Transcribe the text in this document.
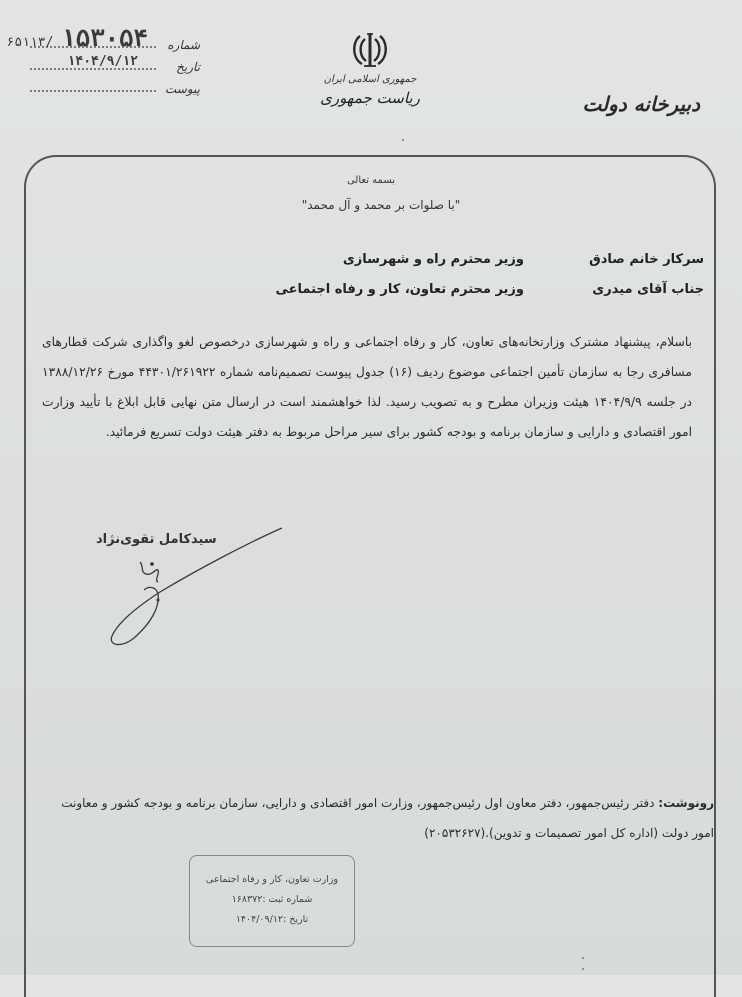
شماره
۶۵۱۱۳/ ۱۵۳۰۵۴
تاریخ
۱۴۰۴/۹/۱۲
پیوست
جمهوری اسلامی ایران
ریاست جمهوری	دبیرخانه دولت
بسمه تعالی
"با صلوات بر محمد و آل محمد"
سرکار خانم صادق
وزیر محترم راه و شهرسازی
جناب آقای میدری
وزیر محترم تعاون، کار و رفاه اجتماعی
باسلام، پیشنهاد مشترک وزارتخانه‌های تعاون، کار و رفاه اجتماعی و راه و شهرسازی درخصوص لغو واگذاری شرکت قطارهای مسافری رجا به سازمان تأمین اجتماعی موضوع ردیف (۱۶) جدول پیوست تصمیم‌نامه شماره ۴۴۳۰۱/۲۶۱۹۲۲ مورخ ۱۳۸۸/۱۲/۲۶ در جلسه ۱۴۰۴/۹/۹ هیئت وزیران مطرح و به تصویب رسید. لذا خواهشمند است در ارسال متن نهایی قابل ابلاغ با تأیید وزارت امور اقتصادی و دارایی و سازمان برنامه و بودجه کشور برای سیر مراحل مربوط به دفتر هیئت دولت تسریع فرمائید.
سیدکامل تقوی‌نژاد
رونوشت: دفتر رئیس‌جمهور، دفتر معاون اول رئیس‌جمهور، وزارت امور اقتصادی و دارایی، سازمان برنامه و بودجه کشور و معاونت امور دولت (اداره کل امور تصمیمات و تدوین).(۲۰۵۳۲۶۲۷)
وزارت تعاون، کار و رفاه اجتماعی
شماره ثبت :۱۶۸۳۷۲
تاریخ :۱۴۰۴/۰۹/۱۲
